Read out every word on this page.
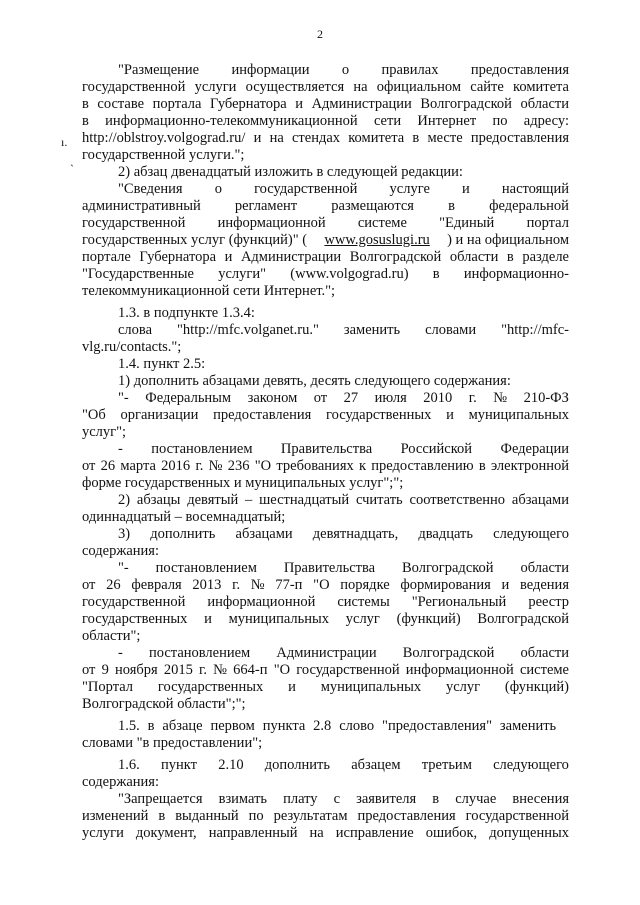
2
ı.
ˋ
"Размещение информации о правилах предоставления
государственной услуги осуществляется на официальном сайте комитета
в составе портала Губернатора и Администрации Волгоградской области
в информационно-телекоммуникационной сети Интернет по адресу:
http://oblstroy.volgograd.ru/ и на стендах комитета в месте предоставления
государственной услуги.";
2) абзац двенадцатый изложить в следующей редакции:
"Сведения о государственной услуге и настоящий
административный регламент размещаются в федеральной
государственной информационной системе "Единый портал
государственных услуг (функций)" ( www.gosuslugi.ru ) и на официальном
портале Губернатора и Администрации Волгоградской области в разделе
"Государственные услуги" (www.volgograd.ru) в информационно-
телекоммуникационной сети Интернет.";
1.3. в подпункте 1.3.4:
слова "http://mfc.volganet.ru." заменить словами "http://mfc-
vlg.ru/contacts.";
1.4. пункт 2.5:
1) дополнить абзацами девять, десять следующего содержания:
"- Федеральным законом от 27 июля 2010 г. № 210-ФЗ
"Об организации предоставления государственных и муниципальных
услуг";
- постановлением Правительства Российской Федерации
от 26 марта 2016 г. № 236 "О требованиях к предоставлению в электронной
форме государственных и муниципальных услуг";";
2) абзацы девятый – шестнадцатый считать соответственно абзацами
одиннадцатый – восемнадцатый;
3) дополнить абзацами девятнадцать, двадцать следующего
содержания:
"- постановлением Правительства Волгоградской области
от 26 февраля 2013 г. № 77-п "О порядке формирования и ведения
государственной информационной системы "Региональный реестр
государственных и муниципальных услуг (функций) Волгоградской
области";
- постановлением Администрации Волгоградской области
от 9 ноября 2015 г. № 664-п "О государственной информационной системе
"Портал государственных и муниципальных услуг (функций)
Волгоградской области";";
1.5. в абзаце первом пункта 2.8 слово "предоставления" заменить
словами "в предоставлении";
1.6. пункт 2.10 дополнить абзацем третьим следующего
содержания:
"Запрещается взимать плату с заявителя в случае внесения
изменений в выданный по результатам предоставления государственной
услуги документ, направленный на исправление ошибок, допущенных
